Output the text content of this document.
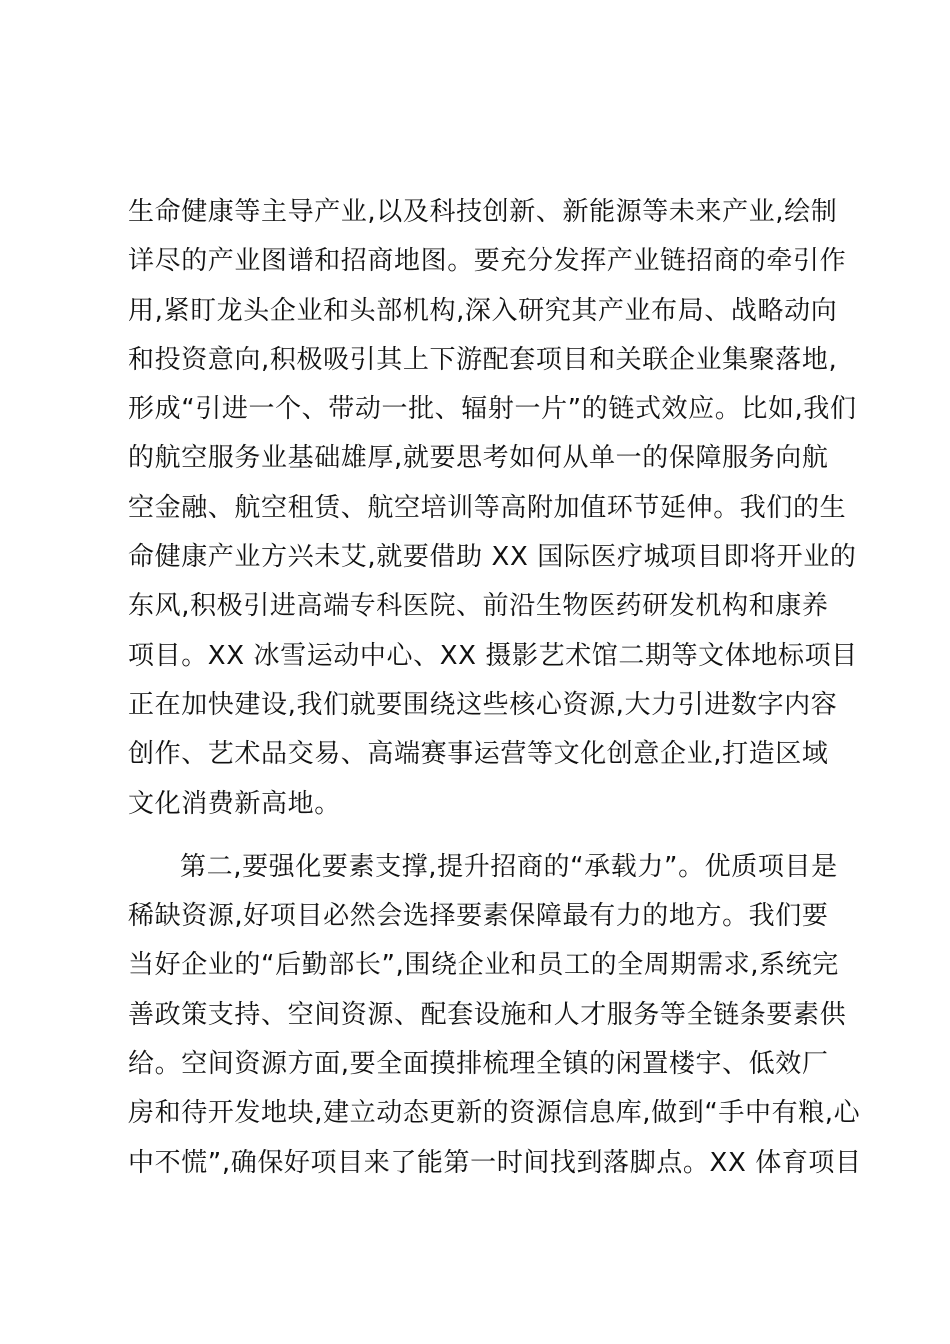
生命健康等主导产业,以及科技创新、新能源等未来产业,绘制
详尽的产业图谱和招商地图。要充分发挥产业链招商的牵引作
用,紧盯龙头企业和头部机构,深入研究其产业布局、战略动向
和投资意向,积极吸引其上下游配套项目和关联企业集聚落地,
形成“引进一个、带动一批、辐射一片”的链式效应。比如,我们
的航空服务业基础雄厚,就要思考如何从单一的保障服务向航
空金融、航空租赁、航空培训等高附加值环节延伸。我们的生
命健康产业方兴未艾,就要借助 XX 国际医疗城项目即将开业的
东风,积极引进高端专科医院、前沿生物医药研发机构和康养
项目。XX 冰雪运动中心、XX 摄影艺术馆二期等文体地标项目
正在加快建设,我们就要围绕这些核心资源,大力引进数字内容
创作、艺术品交易、高端赛事运营等文化创意企业,打造区域
文化消费新高地。
第二,要强化要素支撑,提升招商的“承载力”。优质项目是
稀缺资源,好项目必然会选择要素保障最有力的地方。我们要
当好企业的“后勤部长”,围绕企业和员工的全周期需求,系统完
善政策支持、空间资源、配套设施和人才服务等全链条要素供
给。空间资源方面,要全面摸排梳理全镇的闲置楼宇、低效厂
房和待开发地块,建立动态更新的资源信息库,做到“手中有粮,心
中不慌”,确保好项目来了能第一时间找到落脚点。XX 体育项目
